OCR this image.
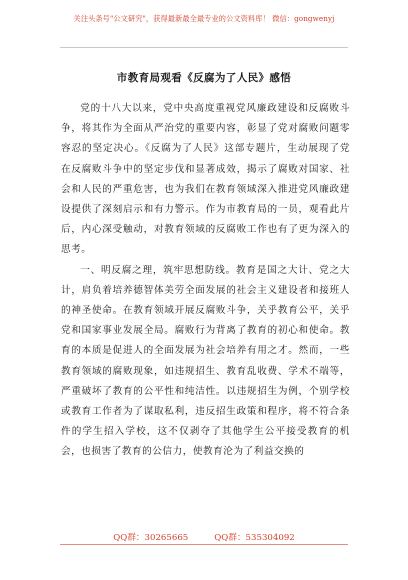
关注头条号"公文研究"，获得最新最全最专业的公文资料库！ 微信：gongwenyj
市教育局观看《反腐为了人民》感悟

党的十八大以来，党中央高度重视党风廉政建设和反腐败斗争，将其作为全面从严治党的重要内容，彰显了党对腐败问题零容忍的坚定决心。《反腐为了人民》这部专题片，生动展现了党在反腐败斗争中的坚定步伐和显著成效，揭示了腐败对国家、社会和人民的严重危害，也为我们在教育领域深入推进党风廉政建设提供了深刻启示和有力警示。作为市教育局的一员，观看此片后，内心深受触动，对教育领域的反腐败工作也有了更为深入的思考。

一、明反腐之理，筑牢思想防线。教育是国之大计、党之大计，肩负着培养德智体美劳全面发展的社会主义建设者和接班人的神圣使命。在教育领域开展反腐败斗争，关乎教育公平，关乎党和国家事业发展全局。腐败行为背离了教育的初心和使命。教育的本质是促进人的全面发展为社会培养有用之才。然而，一些教育领域的腐败现象，如违规招生、教育乱收费、学术不端等，严重破坏了教育的公平性和纯洁性。以违规招生为例，个别学校或教育工作者为了谋取私利，违反招生政策和程序，将不符合条件的学生招入学校，这不仅剥夺了其他学生公平接受教育的机会，也损害了教育的公信力，使教育沦为了利益交换的

QQ群：30265665	QQ群：535304092
